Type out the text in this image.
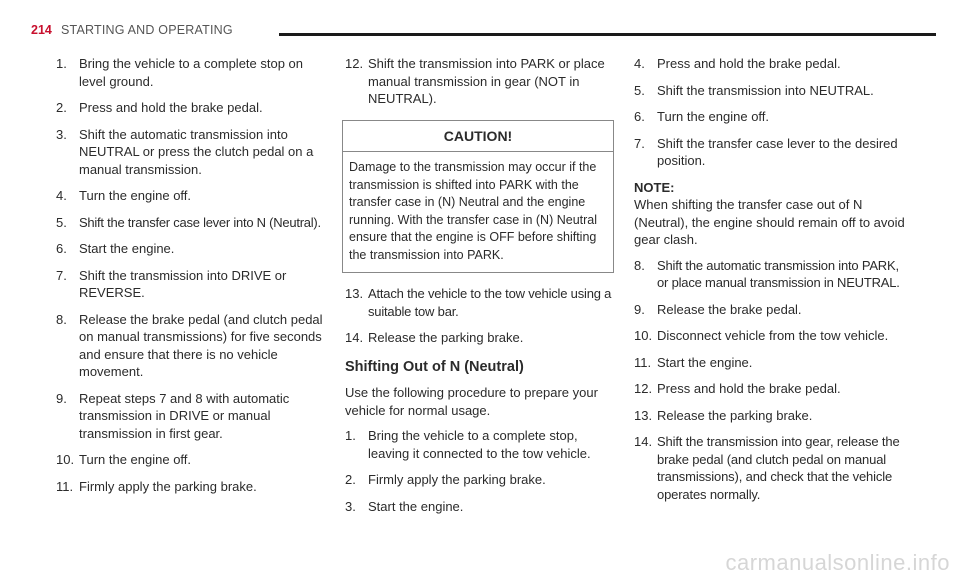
214 STARTING AND OPERATING
1. Bring the vehicle to a complete stop on level ground.
2. Press and hold the brake pedal.
3. Shift the automatic transmission into NEUTRAL or press the clutch pedal on a manual transmission.
4. Turn the engine off.
5. Shift the transfer case lever into N (Neutral).
6. Start the engine.
7. Shift the transmission into DRIVE or REVERSE.
8. Release the brake pedal (and clutch pedal on manual transmissions) for five seconds and ensure that there is no vehicle movement.
9. Repeat steps 7 and 8 with automatic transmission in DRIVE or manual transmission in first gear.
10. Turn the engine off.
11. Firmly apply the parking brake.
12. Shift the transmission into PARK or place manual transmission in gear (NOT in NEUTRAL).
CAUTION!
Damage to the transmission may occur if the transmission is shifted into PARK with the transfer case in (N) Neutral and the engine running. With the transfer case in (N) Neutral ensure that the engine is OFF before shifting the transmission into PARK.
13. Attach the vehicle to the tow vehicle using a suitable tow bar.
14. Release the parking brake.
Shifting Out of N (Neutral)
Use the following procedure to prepare your vehicle for normal usage.
1. Bring the vehicle to a complete stop, leaving it connected to the tow vehicle.
2. Firmly apply the parking brake.
3. Start the engine.
4. Press and hold the brake pedal.
5. Shift the transmission into NEUTRAL.
6. Turn the engine off.
7. Shift the transfer case lever to the desired position.
NOTE:
When shifting the transfer case out of N (Neutral), the engine should remain off to avoid gear clash.
8. Shift the automatic transmission into PARK, or place manual transmission in NEUTRAL.
9. Release the brake pedal.
10. Disconnect vehicle from the tow vehicle.
11. Start the engine.
12. Press and hold the brake pedal.
13. Release the parking brake.
14. Shift the transmission into gear, release the brake pedal (and clutch pedal on manual transmissions), and check that the vehicle operates normally.
carmanualsonline.info
